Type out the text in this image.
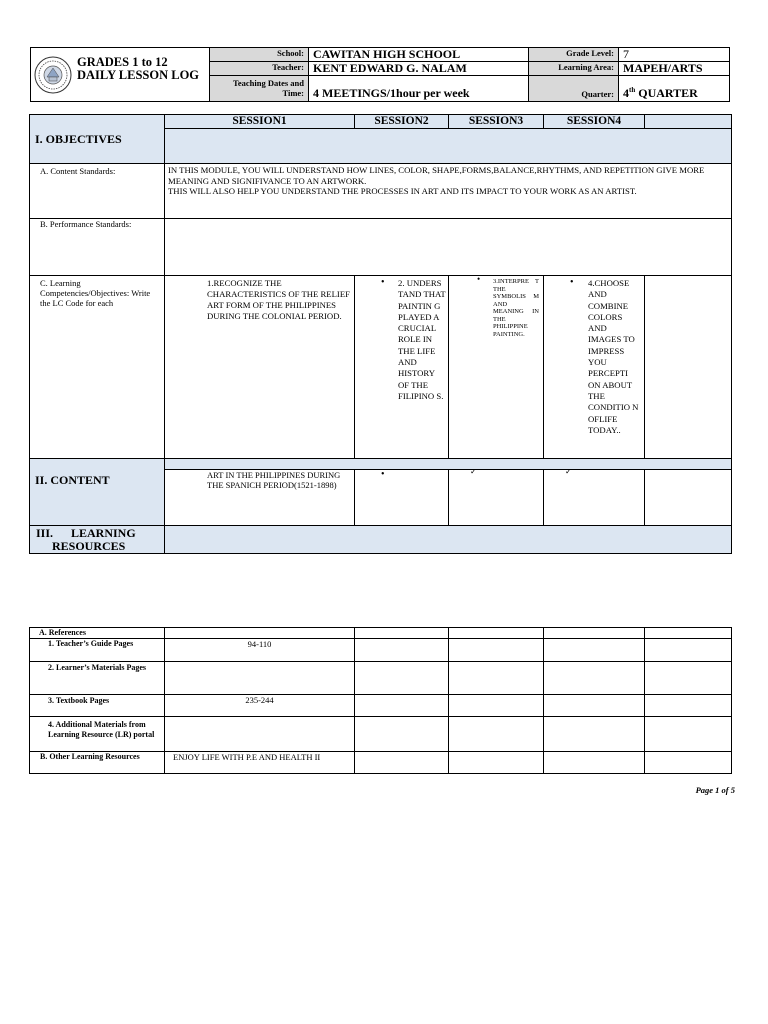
GRADES 1 to 12
DAILY LESSON LOG
School:	CAWITAN HIGH SCHOOL	Grade Level:	7
Teacher:	KENT EDWARD G. NALAM	Learning Area:	MAPEH/ARTS
Teaching Dates and Time:	4 MEETINGS/1hour per week	Quarter:	4th QUARTER
I. OBJECTIVES	SESSION1	SESSION2	SESSION3	SESSION4	

A. Content Standards:	IN THIS MODULE, YOU WILL UNDERSTAND HOW LINES, COLOR, SHAPE,FORMS,BALANCE,RHYTHMS, AND REPETITION GIVE MORE MEANING AND SIGNIFIVANCE TO AN ARTWORK.
THIS WILL ALSO HELP YOU UNDERSTAND THE PROCESSES IN ART AND ITS IMPACT TO YOUR WORK AS AN ARTIST.				
B. Performance Standards:					
C. Learning Competencies/Objectives: Write the LC Code for each	1.RECOGNIZE THE CHARACTERISTICS OF THE RELIEF ART FORM OF THE PHILIPPINES DURING THE COLONIAL PERIOD.	• 2. UNDERS TAND THAT PAINTIN G PLAYED A CRUCIAL ROLE IN THE LIFE AND HISTORY OF THE FILIPINO S.	• 3.INTERPRE T THE SYMBOLIS M AND MEANING IN THE PHILIPPINE PAINTING.	• 4.CHOOSE AND COMBINE COLORS AND IMAGES TO IMPRESS YOU PERCEPTI ON ABOUT THE CONDITIO N OFLIFE TODAY..	

II. CONTENT					
	ART IN THE PHILIPPINES DURING THE SPANICH PERIOD(1521-1898)	•	✓	✓	

III.      LEARNING
RESOURCES					

A. References					
1. Teacher’s Guide Pages	94-110				
2. Learner’s Materials Pages					
3. Textbook Pages	235-244				
4. Additional Materials from Learning Resource (LR) portal					
B. Other Learning Resources	ENJOY LIFE WITH P.E AND HEALTH II				
Page 1 of 5
